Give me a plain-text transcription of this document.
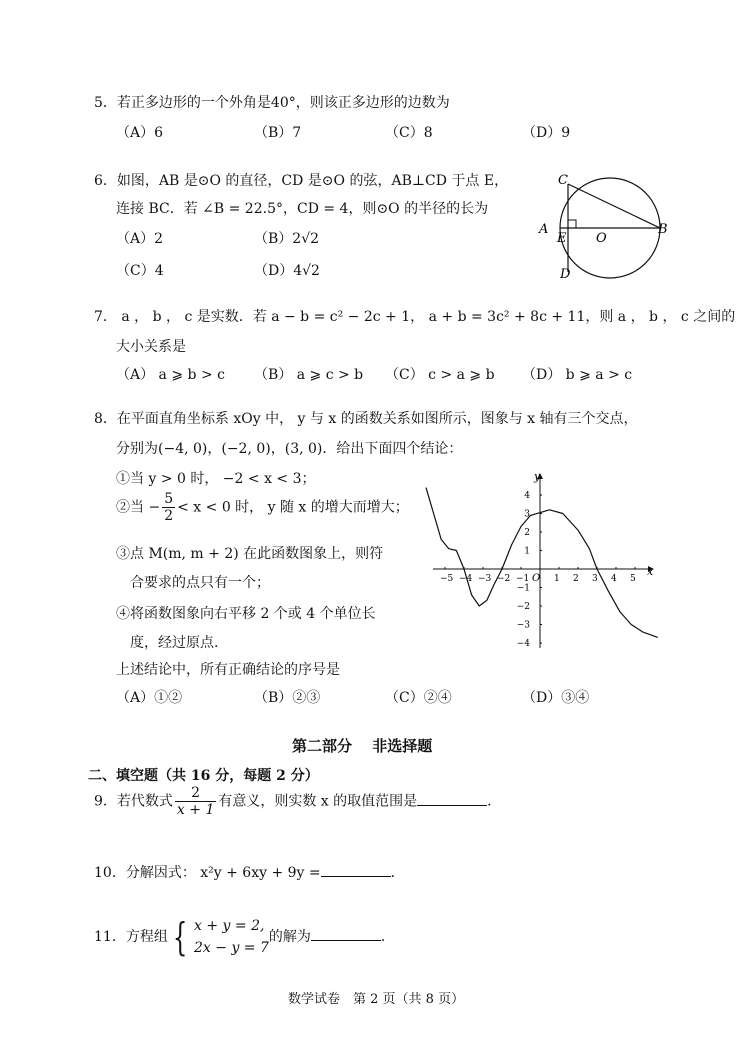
5．若正多边形的一个外角是40°，则该正多边形的边数为
（A）6	（B）7	（C）8	（D）9
6．如图，AB 是⊙O 的直径，CD 是⊙O 的弦，AB⊥CD 于点 E，
连接 BC．若 ∠B = 22.5°，CD = 4，则⊙O 的半径的长为
（A）2	（B）2√2
（C）4	（D）4√2
C
A
E O
B
D
7． a ， b ， c 是实数．若 a − b = c² − 2c + 1， a + b = 3c² + 8c + 11，则 a ， b ， c 之间的
大小关系是
（A） a ⩾ b > c （B） a ⩾ c > b （C） c > a ⩾ b （D） b ⩾ a > c
8．在平面直角坐标系 xOy 中， y 与 x 的函数关系如图所示，图象与 x 轴有三个交点，
分别为(−4, 0)，(−2, 0)，(3, 0)．给出下面四个结论：
①当 y > 0 时， −2 < x < 3；
②当 − $\frac{5}{2} < x < 0$ 时， y 随 x 的增大而增大；
③点 M(m, m + 2) 在此函数图象上，则符
合要求的点只有一个；
④将函数图象向右平移 2 个或 4 个单位长
度，经过原点.
上述结论中，所有正确结论的序号是
（A）①②	（B）②③	（C）②④	（D）③④
x
y
O
−5 −4 −3 −2 −1	1 2 3 4 5
4
3
2
1
−1
−2
−3
−4
第二部分　 非选择题
二、填空题（共 16 分，每题 2 分）
9．若代数式 $\frac{2}{x + 1}$ 有意义，则实数 x 的取值范围是	．
10．分解因式： x²y + 6xy + 9y =	．
11．方程组 { x + y = 2,
2x − y = 7
的解为	．
数学试卷　第 2 页（共 8 页）
